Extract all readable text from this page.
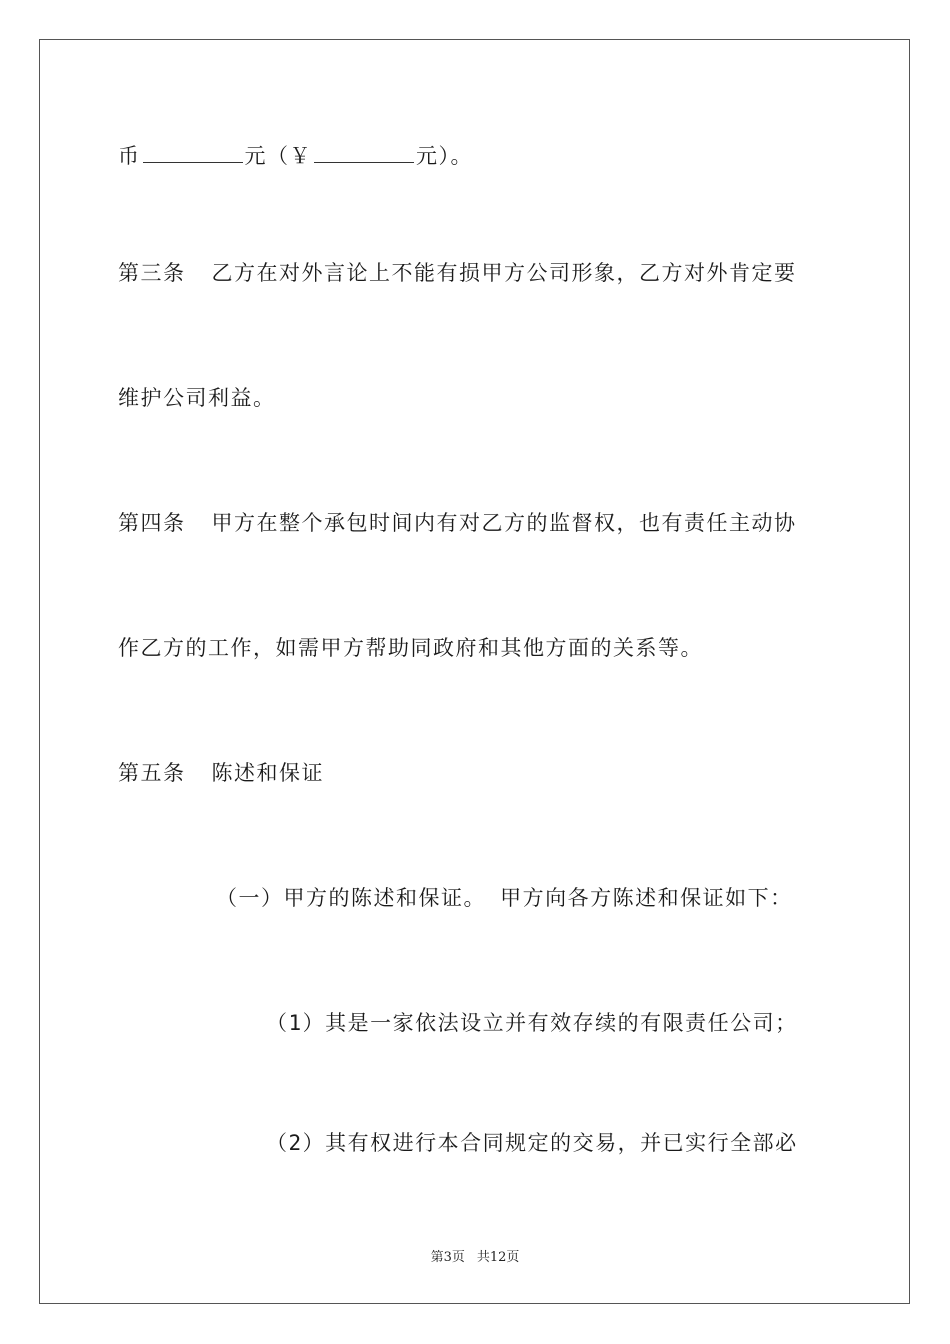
币	元（￥	元）。
第三条 乙方在对外言论上不能有损甲方公司形象，乙方对外肯定要
维护公司利益。
第四条 甲方在整个承包时间内有对乙方的监督权，也有责任主动协
作乙方的工作，如需甲方帮助同政府和其他方面的关系等。
第五条 陈述和保证
（一）甲方的陈述和保证。 甲方向各方陈述和保证如下：
（1）其是一家依法设立并有效存续的有限责任公司；
（2）其有权进行本合同规定的交易，并已实行全部必
第3页 共12页
